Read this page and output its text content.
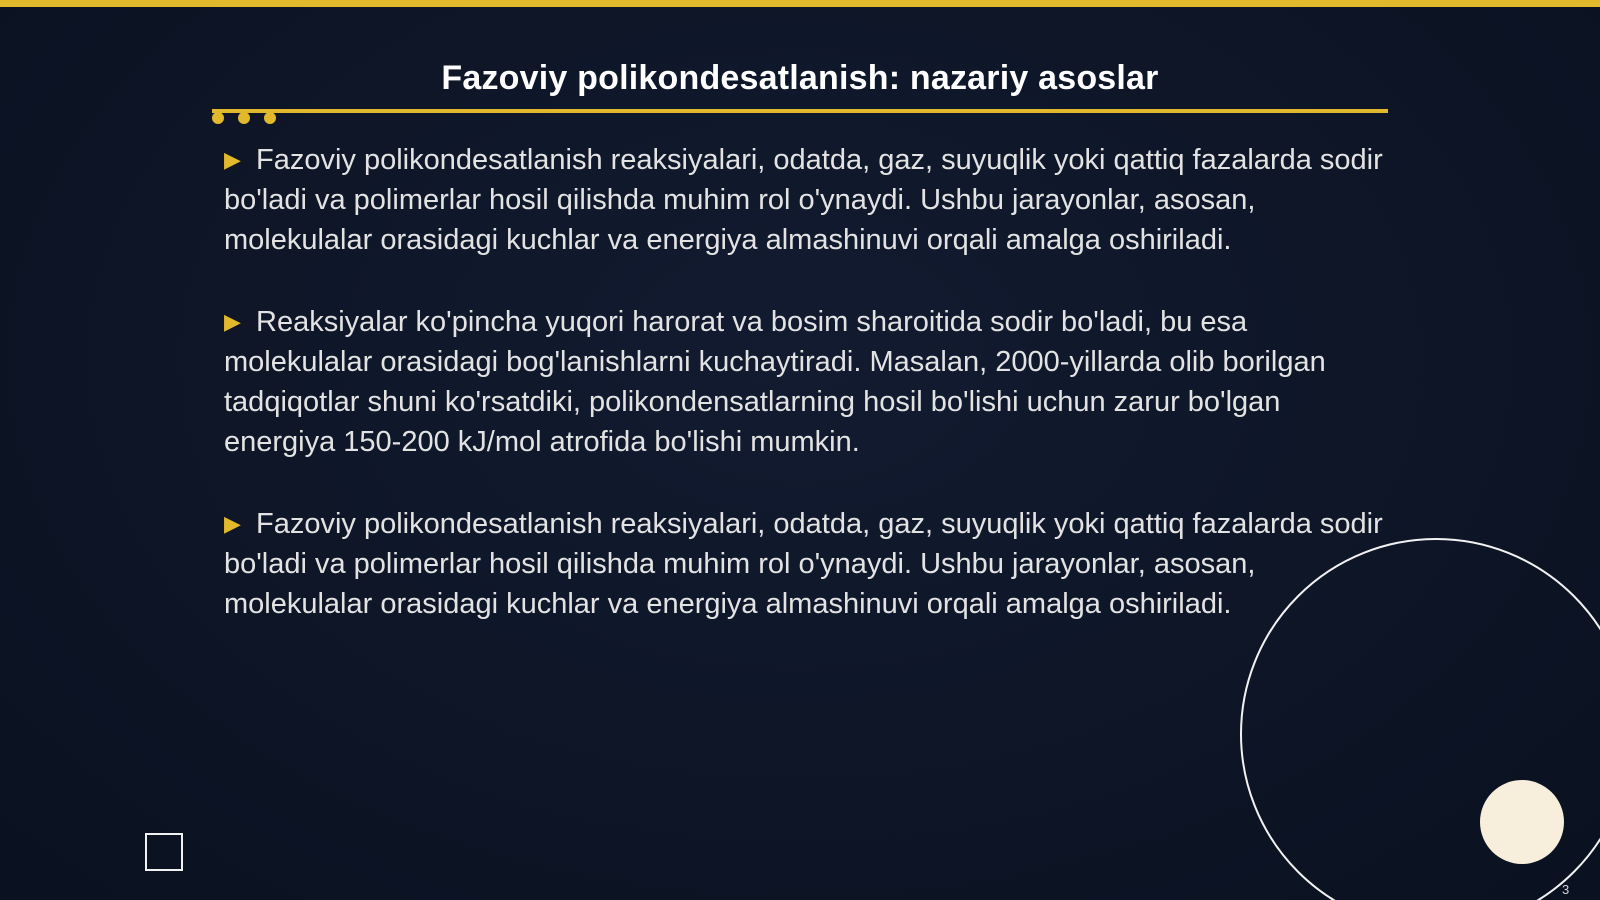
Fazoviy polikondesatlanish: nazariy asoslar

▶ Fazoviy polikondesatlanish reaksiyalari, odatda, gaz, suyuqlik yoki qattiq fazalarda sodir bo'ladi va polimerlar hosil qilishda muhim rol o'ynaydi. Ushbu jarayonlar, asosan, molekulalar orasidagi kuchlar va energiya almashinuvi orqali amalga oshiriladi.

▶ Reaksiyalar ko'pincha yuqori harorat va bosim sharoitida sodir bo'ladi, bu esa molekulalar orasidagi bog'lanishlarni kuchaytiradi. Masalan, 2000-yillarda olib borilgan tadqiqotlar shuni ko'rsatdiki, polikondensatlarning hosil bo'lishi uchun zarur bo'lgan energiya 150-200 kJ/mol atrofida bo'lishi mumkin.

▶ Fazoviy polikondesatlanish reaksiyalari, odatda, gaz, suyuqlik yoki qattiq fazalarda sodir bo'ladi va polimerlar hosil qilishda muhim rol o'ynaydi. Ushbu jarayonlar, asosan, molekulalar orasidagi kuchlar va energiya almashinuvi orqali amalga oshiriladi.

3
